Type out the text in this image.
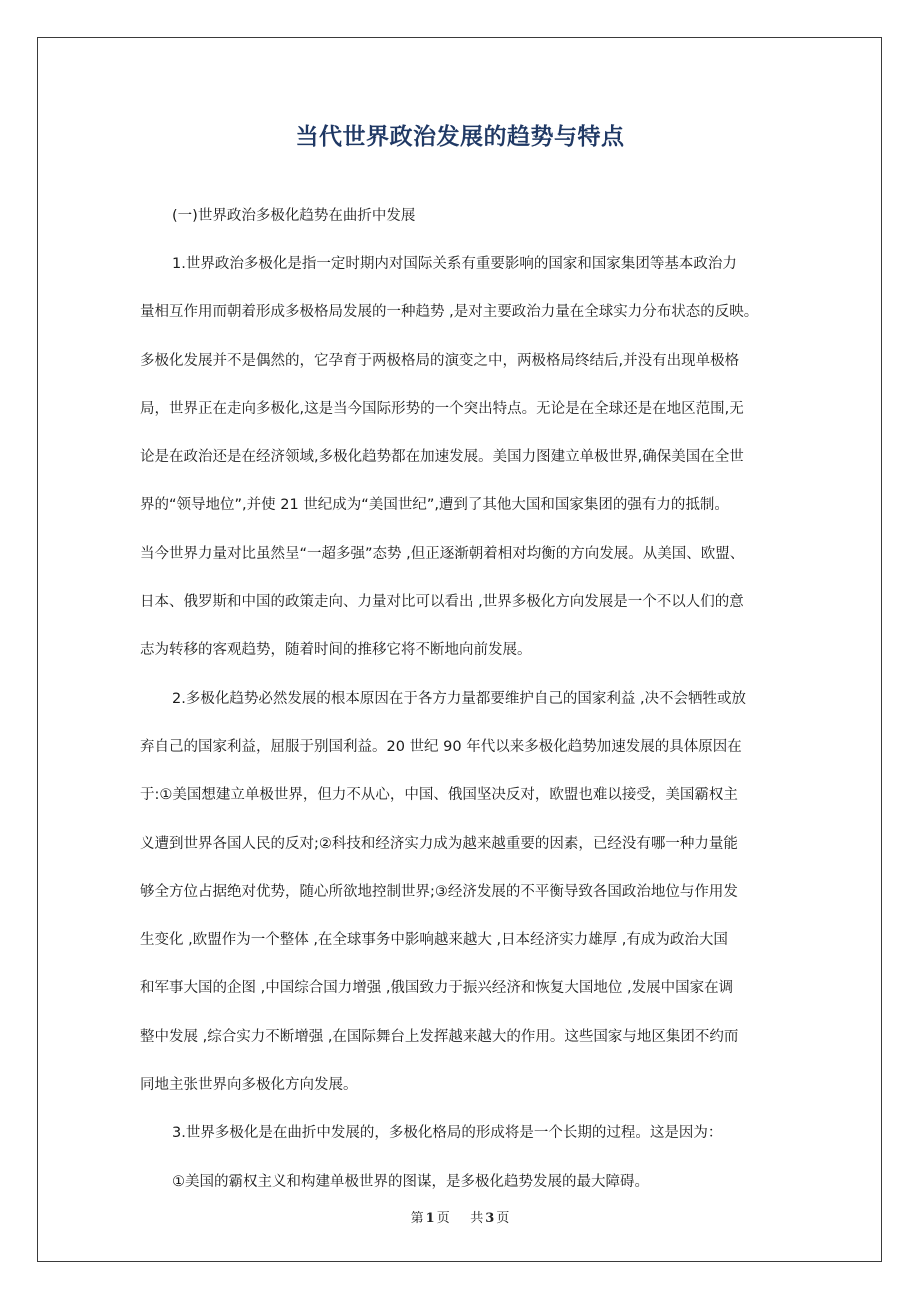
当代世界政治发展的趋势与特点

(一)世界政治多极化趋势在曲折中发展

1.世界政治多极化是指一定时期内对国际关系有重要影响的国家和国家集团等基本政治力
量相互作用而朝着形成多极格局发展的一种趋势 ,是对主要政治力量在全球实力分布状态的反映。
多极化发展并不是偶然的，它孕育于两极格局的演变之中，两极格局终结后,并没有出现单极格
局，世界正在走向多极化,这是当今国际形势的一个突出特点。无论是在全球还是在地区范围,无
论是在政治还是在经济领域,多极化趋势都在加速发展。美国力图建立单极世界,确保美国在全世
界的“领导地位”,并使 21 世纪成为“美国世纪”,遭到了其他大国和国家集团的强有力的抵制。
当今世界力量对比虽然呈“一超多强”态势 ,但正逐渐朝着相对均衡的方向发展。从美国、欧盟、
日本、俄罗斯和中国的政策走向、力量对比可以看出 ,世界多极化方向发展是一个不以人们的意
志为转移的客观趋势，随着时间的推移它将不断地向前发展。

2.多极化趋势必然发展的根本原因在于各方力量都要维护自己的国家利益 ,决不会牺牲或放
弃自己的国家利益，屈服于别国利益。20 世纪 90 年代以来多极化趋势加速发展的具体原因在
于:①美国想建立单极世界，但力不从心，中国、俄国坚决反对，欧盟也难以接受，美国霸权主
义遭到世界各国人民的反对;②科技和经济实力成为越来越重要的因素，已经没有哪一种力量能
够全方位占据绝对优势，随心所欲地控制世界;③经济发展的不平衡导致各国政治地位与作用发
生变化 ,欧盟作为一个整体 ,在全球事务中影响越来越大 ,日本经济实力雄厚 ,有成为政治大国
和军事大国的企图 ,中国综合国力增强 ,俄国致力于振兴经济和恢复大国地位 ,发展中国家在调
整中发展 ,综合实力不断增强 ,在国际舞台上发挥越来越大的作用。这些国家与地区集团不约而
同地主张世界向多极化方向发展。

3.世界多极化是在曲折中发展的，多极化格局的形成将是一个长期的过程。这是因为：

①美国的霸权主义和构建单极世界的图谋，是多极化趋势发展的最大障碍。

第 1 页 共 3 页
